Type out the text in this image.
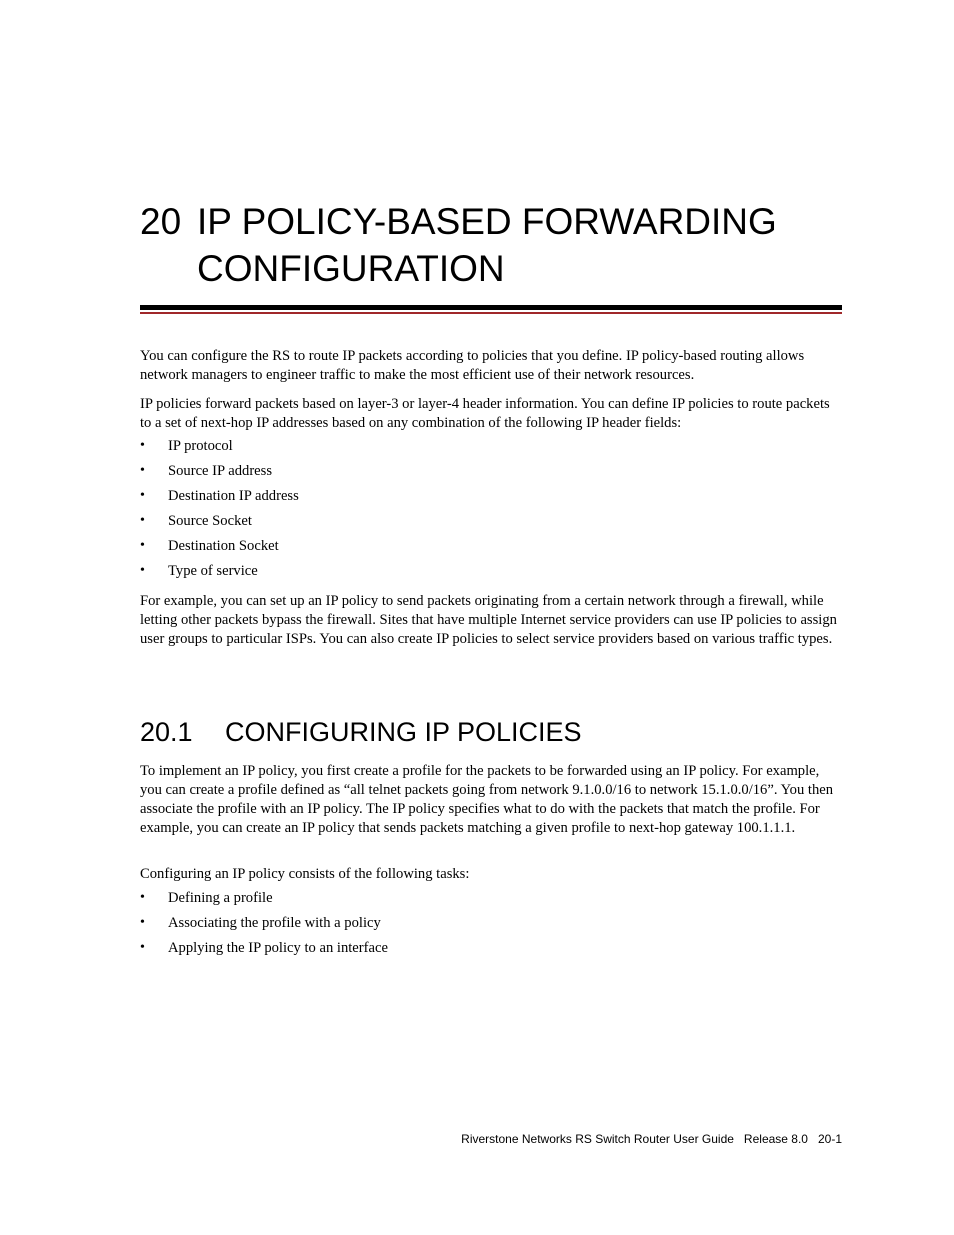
20 IP POLICY-BASED FORWARDING CONFIGURATION

You can configure the RS to route IP packets according to policies that you define. IP policy-based routing allows network managers to engineer traffic to make the most efficient use of their network resources.

IP policies forward packets based on layer-3 or layer-4 header information. You can define IP policies to route packets to a set of next-hop IP addresses based on any combination of the following IP header fields:

• IP protocol
• Source IP address
• Destination IP address
• Source Socket
• Destination Socket
• Type of service

For example, you can set up an IP policy to send packets originating from a certain network through a firewall, while letting other packets bypass the firewall. Sites that have multiple Internet service providers can use IP policies to assign user groups to particular ISPs. You can also create IP policies to select service providers based on various traffic types.

20.1 CONFIGURING IP POLICIES

To implement an IP policy, you first create a profile for the packets to be forwarded using an IP policy. For example, you can create a profile defined as “all telnet packets going from network 9.1.0.0/16 to network 15.1.0.0/16”. You then associate the profile with an IP policy. The IP policy specifies what to do with the packets that match the profile. For example, you can create an IP policy that sends packets matching a given profile to next-hop gateway 100.1.1.1.

Configuring an IP policy consists of the following tasks:

• Defining a profile
• Associating the profile with a policy
• Applying the IP policy to an interface
Riverstone Networks RS Switch Router User Guide   Release 8.0   20-1
